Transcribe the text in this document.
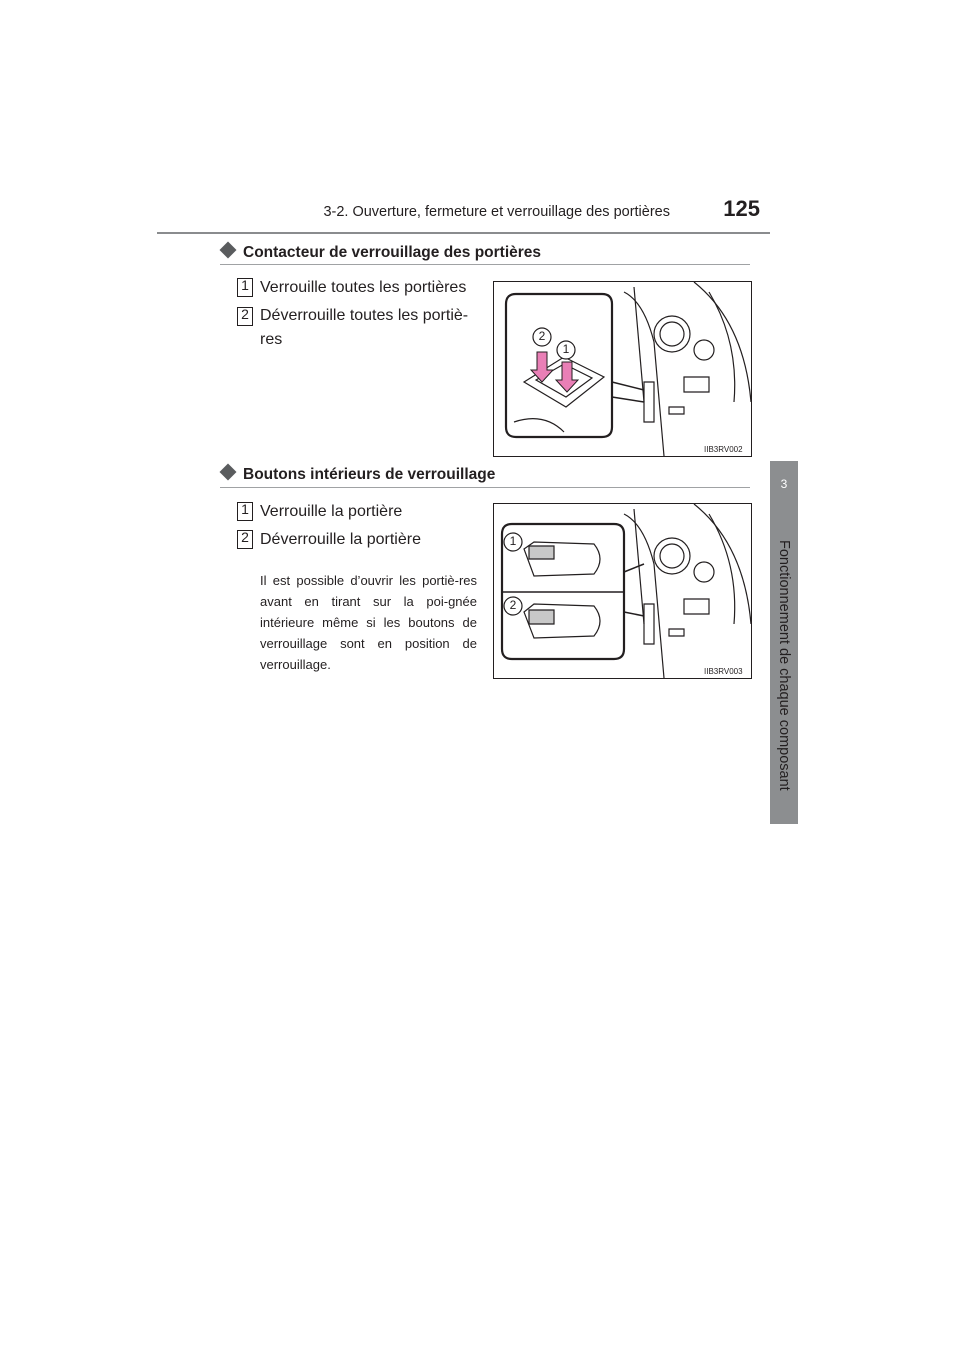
3-2. Ouverture, fermeture et verrouillage des portières	125
3
Fonctionnement de chaque composant
Contacteur de verrouillage des portières
1 Verrouille toutes les portières
2 Déverrouille toutes les portiè-res	2
1
IIB3RV002
Boutons intérieurs de verrouillage
1 Verrouille la portière
2 Déverrouille la portière
Il est possible d’ouvrir les portiè-res avant en tirant sur la poi-gnée intérieure même si les boutons de verrouillage sont en position de verrouillage.
1
2
IIB3RV003
